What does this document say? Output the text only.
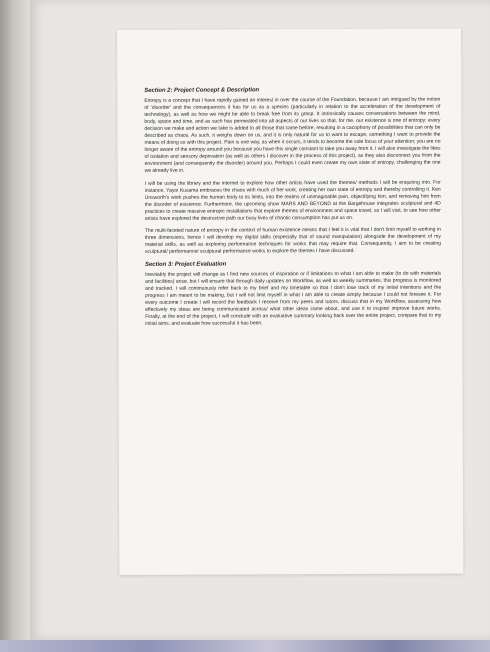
Section 2: Project Concept & Description

Entropy is a concept that I have rapidly gained an interest in over the course of the Foundation, because I am intrigued by the notion of 'disorder' and the consequences it has for us as a species (particularly in relation to the acceleration of the development of technology), as well as how we might be able to break free from its grasp. It intrinsically causes conversations between the mind, body, space and time, and as such has permeated into all aspects of our lives so that, for me, our existence is one of entropy: every decision we make and action we take is added to all those that came before, resulting in a cacophony of possibilities that can only be described as chaos. As such, it weighs down on us, and it is only natural for us to want to escape, something I want to provide the means of doing so with this project. Pain is one way, as when it occurs, it tends to become the sole focus of your attention; you are no longer aware of the entropy around you because you have this single constant to take you away from it. I will also investigate the likes of isolation and sensory deprivation (as well as others I discover in the process of this project), as they also disconnect you from the environment (and consequently the disorder) around you. Perhaps I could even create my own state of entropy, challenging the one we already live in.

I will be using the library and the internet to explore how other artists have used the themes/ methods I will be enquiring into. For instance, Yayoi Kusama embraces the chaos with much of her work, creating her own state of entropy and thereby controlling it. Ken Unsworth's work pushes the human body to its limits, into the realms of unimaginable pain, objectifying him, and removing him from the disorder of existence. Furthermore, the upcoming show MARS AND BEYOND at the Bargehouse integrates sculptural and 4D practices to create massive entropic installations that explore themes of environment and space travel, so I will visit, to see how other artists have explored the destructive path our busy lives of chaotic consumption has put us on.

The multi-faceted nature of entropy in the context of human existence means that I feel it is vital that I don't limit myself to working in three dimensions, hence I will develop my digital skills (especially that of sound manipulation) alongside the development of my material skills, as well as exploring performance techniques for works that may require that. Consequently, I aim to be creating sculptural/ performance/ sculptural performance works to explore the themes I have discussed.

Section 3: Project Evaluation

Inevitably the project will change as I find new sources of inspiration or if limitations to what I am able to make (to do with materials and facilities) arise, but I will ensure that through daily updates on Workflow, as well as weekly summaries, this progress is monitored and tracked. I will continuously refer back to my brief and my timetable so that I don't lose track of my initial intentions and the progress I am meant to be making, but I will not limit myself in what I am able to create simply because I could not foresee it. For every outcome I create I will record the feedback I receive from my peers and tutors, discuss that in my Workflow, assessing how effectively my ideas are being communicated across/ what other ideas came about, and use it to inspire/ improve future works. Finally, at the end of the project, I will conclude with an evaluative summary looking back over the entire project, compare that to my initial aims, and evaluate how successful it has been.
